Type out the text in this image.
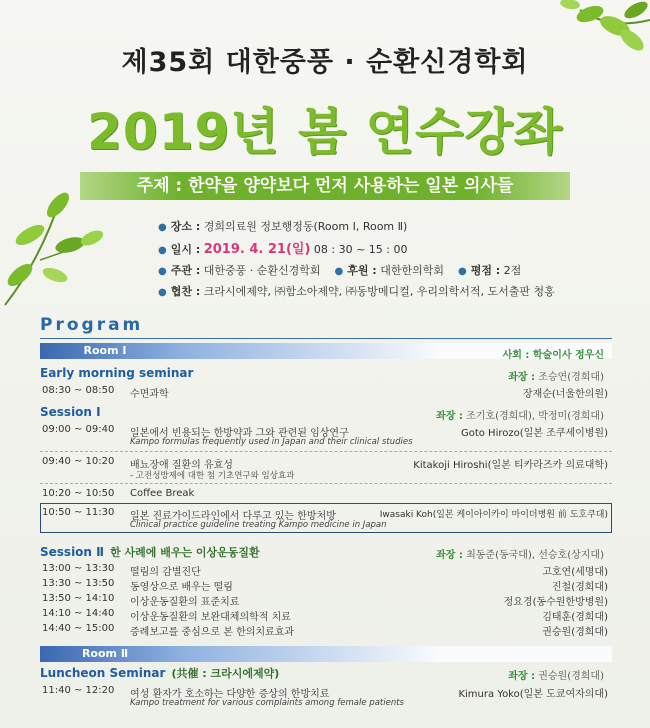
제35회 대한중풍 · 순환신경학회
2019년 봄 연수강좌
주제 : 한약을 양약보다 먼저 사용하는 일본 의사들
● 장소 : 경희의료원 정보행정동(Room Ⅰ, Room Ⅱ)
● 일시 : 2019. 4. 21(일) 08 : 30 ~ 15 : 00
● 주관 : 대한중풍 · 순환신경학회 ● 후원 : 대한한의학회 ● 평점 : 2점
● 협찬 : 크라시에제약, ㈜함소아제약, ㈜동방메디컬, 우리의학서적, 도서출판 청홍
Program
Room Ⅰ	사회 : 학술이사 정우신
Early morning seminar	좌장 : 조승연(경희대)
08:30 ~ 08:50 수면과학	장재순(너울한의원)
Session Ⅰ	좌장 : 조기호(경희대), 박정미(경희대)
09:00 ~ 09:40 일본에서 빈용되는 한방약과 그와 관련된 임상연구
Kampo formulas frequently used in Japan and their clinical studies
Goto Hirozo(일본 조쿠세이병원)
09:40 ~ 10:20 배뇨장애 질환의 유효성
- 고전성방제에 대한 첨 기초연구와 임상효과
Kitakoji Hiroshi(일본 티카라즈카 의료대학)
10:20 ~ 10:50 Coffee Break
10:50 ~ 11:30 일본 진료가이드라인에서 다루고 있는 한방처방
Clinical practice guideline treating Kampo medicine in Japan
Iwasaki Koh(일본 케이아이카이 마이더병원 前 도호쿠대)
Session Ⅱ 한 사례에 배우는 이상운동질환	좌장 : 최동준(동국대), 선승호(상지대)
13:00 ~ 13:30 떨림의 감별진단	고호연(세명대)
13:30 ~ 13:50 동영상으로 배우는 떨림	진철(경희대)
13:50 ~ 14:10 이상운동질환의 표준치료	정요경(동수원한방병원)
14:10 ~ 14:40 이상운동질환의 보완대체의학적 치료	김태훈(경희대)
14:40 ~ 15:00 증례보고를 중심으로 본 한의치료효과	권승원(경희대)
Room Ⅱ
Luncheon Seminar (共催 : 크라시에제약)	좌장 : 권승원(경희대)
11:40 ~ 12:20 여성 환자가 호소하는 다양한 증상의 한방치료
Kampo treatment for various complaints among female patients
Kimura Yoko(일본 도쿄여자의대)
